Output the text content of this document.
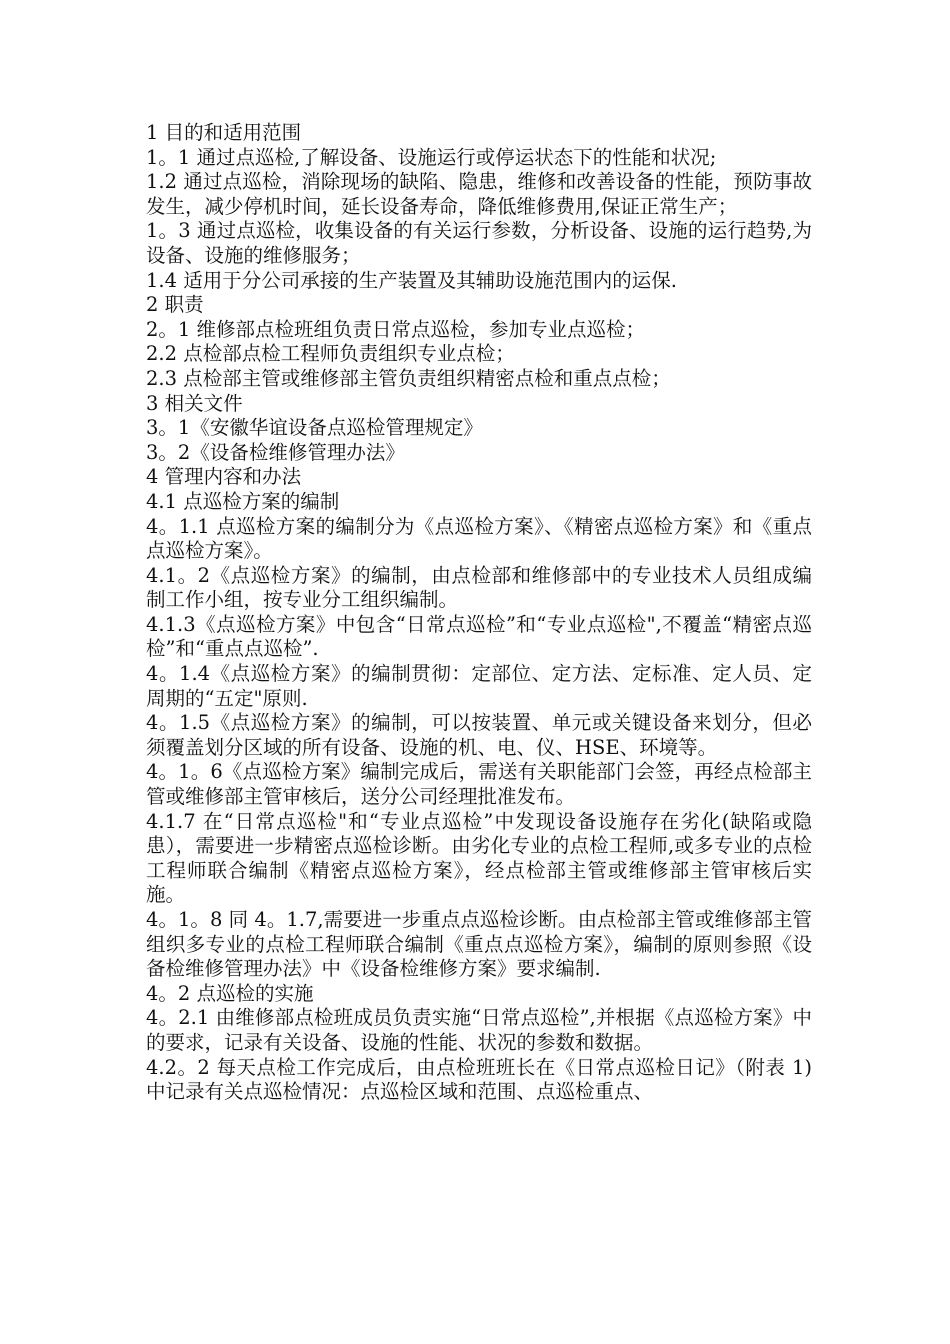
1 目的和适用范围

1。1 通过点巡检,了解设备、设施运行或停运状态下的性能和状况;

1.2 通过点巡检，消除现场的缺陷、隐患，维修和改善设备的性能，预防事故发生，减少停机时间，延长设备寿命，降低维修费用,保证正常生产；

1。3 通过点巡检，收集设备的有关运行参数，分析设备、设施的运行趋势,为设备、设施的维修服务；

1.4 适用于分公司承接的生产装置及其辅助设施范围内的运保.

2 职责

2。1 维修部点检班组负责日常点巡检，参加专业点巡检；

2.2 点检部点检工程师负责组织专业点检；

2.3 点检部主管或维修部主管负责组织精密点检和重点点检；

3 相关文件

3。1《安徽华谊设备点巡检管理规定》

3。2《设备检维修管理办法》

4 管理内容和办法

4.1 点巡检方案的编制

4。1.1 点巡检方案的编制分为《点巡检方案》、《精密点巡检方案》和《重点点巡检方案》。

4.1。2《点巡检方案》的编制，由点检部和维修部中的专业技术人员组成编制工作小组，按专业分工组织编制。

4.1.3《点巡检方案》中包含“日常点巡检”和“专业点巡检",不覆盖“精密点巡检”和“重点点巡检”.

4。1.4《点巡检方案》的编制贯彻：定部位、定方法、定标准、定人员、定周期的“五定"原则.

4。1.5《点巡检方案》的编制，可以按装置、单元或关键设备来划分，但必须覆盖划分区域的所有设备、设施的机、电、仪、HSE、环境等。

4。1。6《点巡检方案》编制完成后，需送有关职能部门会签，再经点检部主管或维修部主管审核后，送分公司经理批准发布。

4.1.7 在“日常点巡检"和“专业点巡检”中发现设备设施存在劣化(缺陷或隐患），需要进一步精密点巡检诊断。由劣化专业的点检工程师,或多专业的点检工程师联合编制《精密点巡检方案》，经点检部主管或维修部主管审核后实施。

4。1。8 同 4。1.7,需要进一步重点点巡检诊断。由点检部主管或维修部主管组织多专业的点检工程师联合编制《重点点巡检方案》，编制的原则参照《设备检维修管理办法》中《设备检维修方案》要求编制.

4。2 点巡检的实施

4。2.1 由维修部点检班成员负责实施“日常点巡检”,并根据《点巡检方案》中的要求，记录有关设备、设施的性能、状况的参数和数据。

4.2。2 每天点检工作完成后，由点检班班长在《日常点巡检日记》（附表 1)中记录有关点巡检情况：点巡检区域和范围、点巡检重点、
